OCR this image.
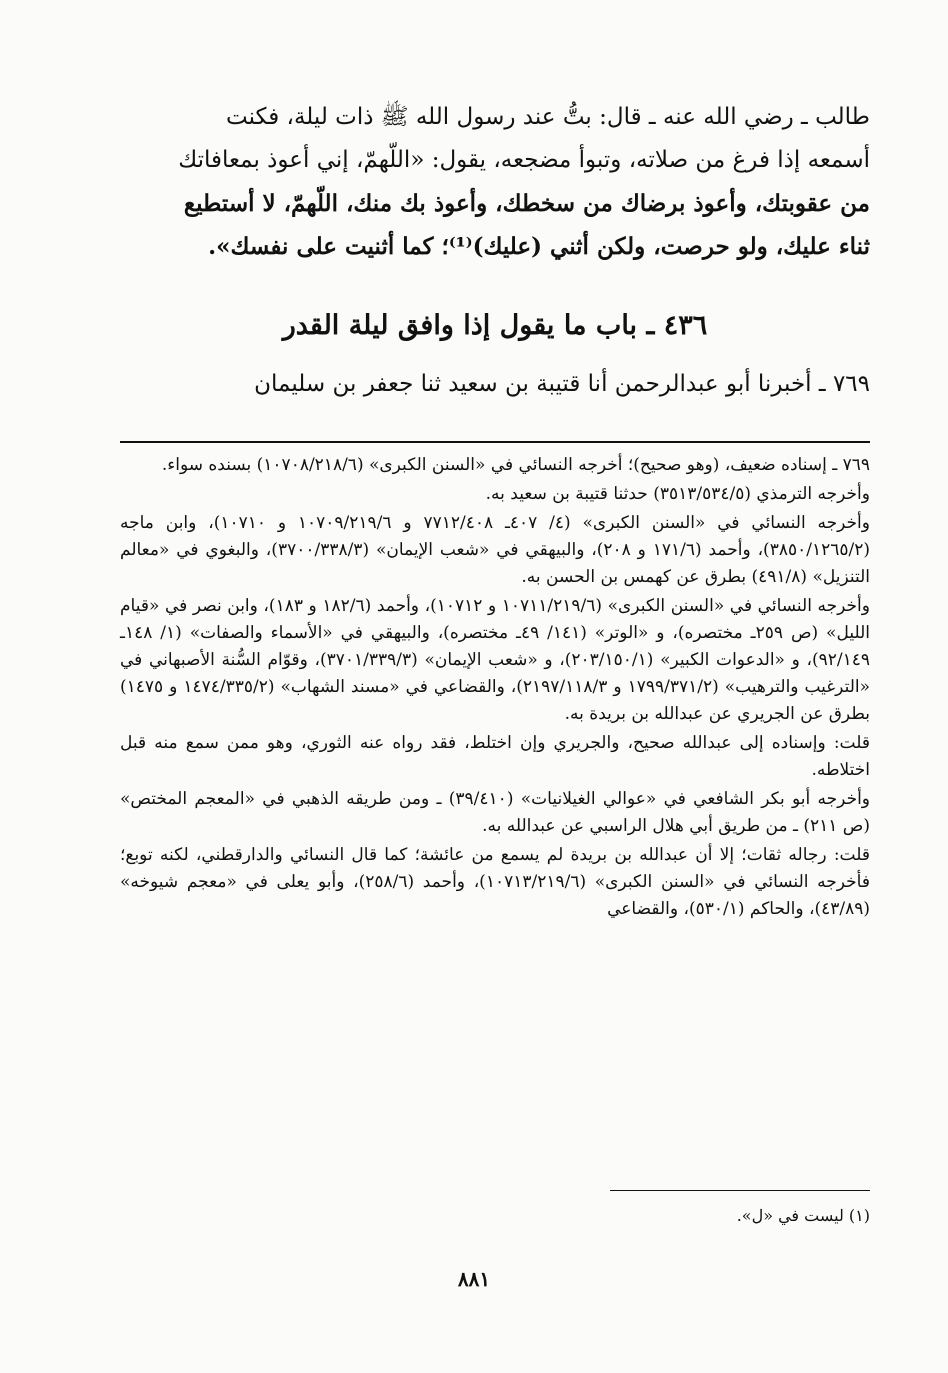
طالب ـ رضي الله عنه ـ قال: بتُّ عند رسول الله ﷺ ذات ليلة، فكنت

أسمعه إذا فرغ من صلاته، وتبوأ مضجعه، يقول: «اللّهمّ، إني أعوذ بمعافاتك

من عقوبتك، وأعوذ برضاك من سخطك، وأعوذ بك منك، اللّهمّ، لا أستطيع

ثناء عليك، ولو حرصت، ولكن أثني (عليك)⁽¹⁾؛ كما أثنيت على نفسك».

٤٣٦ ـ باب ما يقول إذا وافق ليلة القدر
٧٦٩ ـ أخبرنا أبو عبدالرحمن أنا قتيبة بن سعيد ثنا جعفر بن سليمان

٧٦٩ ـ إسناده ضعيف، (وهو صحيح)؛ أخرجه النسائي في «السنن الكبرى» (١٠٧٠٨/٢١٨/٦) بسنده سواء.

وأخرجه الترمذي (٣٥١٣/٥٣٤/٥) حدثنا قتيبة بن سعيد به.

وأخرجه النسائي في «السنن الكبرى» (٤/ ٤٠٧ـ ٧٧١٢/٤٠٨ و ١٠٧٠٩/٢١٩/٦ و ١٠٧١٠)، وابن ماجه (٣٨٥٠/١٢٦٥/٢)، وأحمد (١٧١/٦ و ٢٠٨)، والبيهقي في «شعب الإيمان» (٣٧٠٠/٣٣٨/٣)، والبغوي في «معالم التنزيل» (٤٩١/٨) بطرق عن كهمس بن الحسن به.

وأخرجه النسائي في «السنن الكبرى» (١٠٧١١/٢١٩/٦ و ١٠٧١٢)، وأحمد (١٨٢/٦ و ١٨٣)، وابن نصر في «قيام الليل» (ص ٢٥٩ـ مختصره)، و «الوتر» (١٤١/ ٤٩ـ مختصره)، والبيهقي في «الأسماء والصفات» (١/ ١٤٨ـ ٩٢/١٤٩)، و «الدعوات الكبير» (٢٠٣/١٥٠/١)، و «شعب الإيمان» (٣٧٠١/٣٣٩/٣)، وقوّام السُّنة الأصبهاني في «الترغيب والترهيب» (١٧٩٩/٣٧١/٢ و ٢١٩٧/١١٨/٣)، والقضاعي في «مسند الشهاب» (١٤٧٤/٣٣٥/٢ و ١٤٧٥) بطرق عن الجريري عن عبدالله بن بريدة به.

قلت: وإسناده إلى عبدالله صحيح، والجريري وإن اختلط، فقد رواه عنه الثوري، وهو ممن سمع منه قبل اختلاطه.

وأخرجه أبو بكر الشافعي في «عوالي الغيلانيات» (٣٩/٤١٠) ـ ومن طريقه الذهبي في «المعجم المختص» (ص ٢١١) ـ من طريق أبي هلال الراسبي عن عبدالله به.

قلت: رجاله ثقات؛ إلا أن عبدالله بن بريدة لم يسمع من عائشة؛ كما قال النسائي والدارقطني، لكنه توبع؛ فأخرجه النسائي في «السنن الكبرى» (١٠٧١٣/٢١٩/٦)، وأحمد (٢٥٨/٦)، وأبو يعلى في «معجم شيوخه» (٤٣/٨٩)، والحاكم (٥٣٠/١)، والقضاعي

(١) ليست في «ل».
٨٨١
